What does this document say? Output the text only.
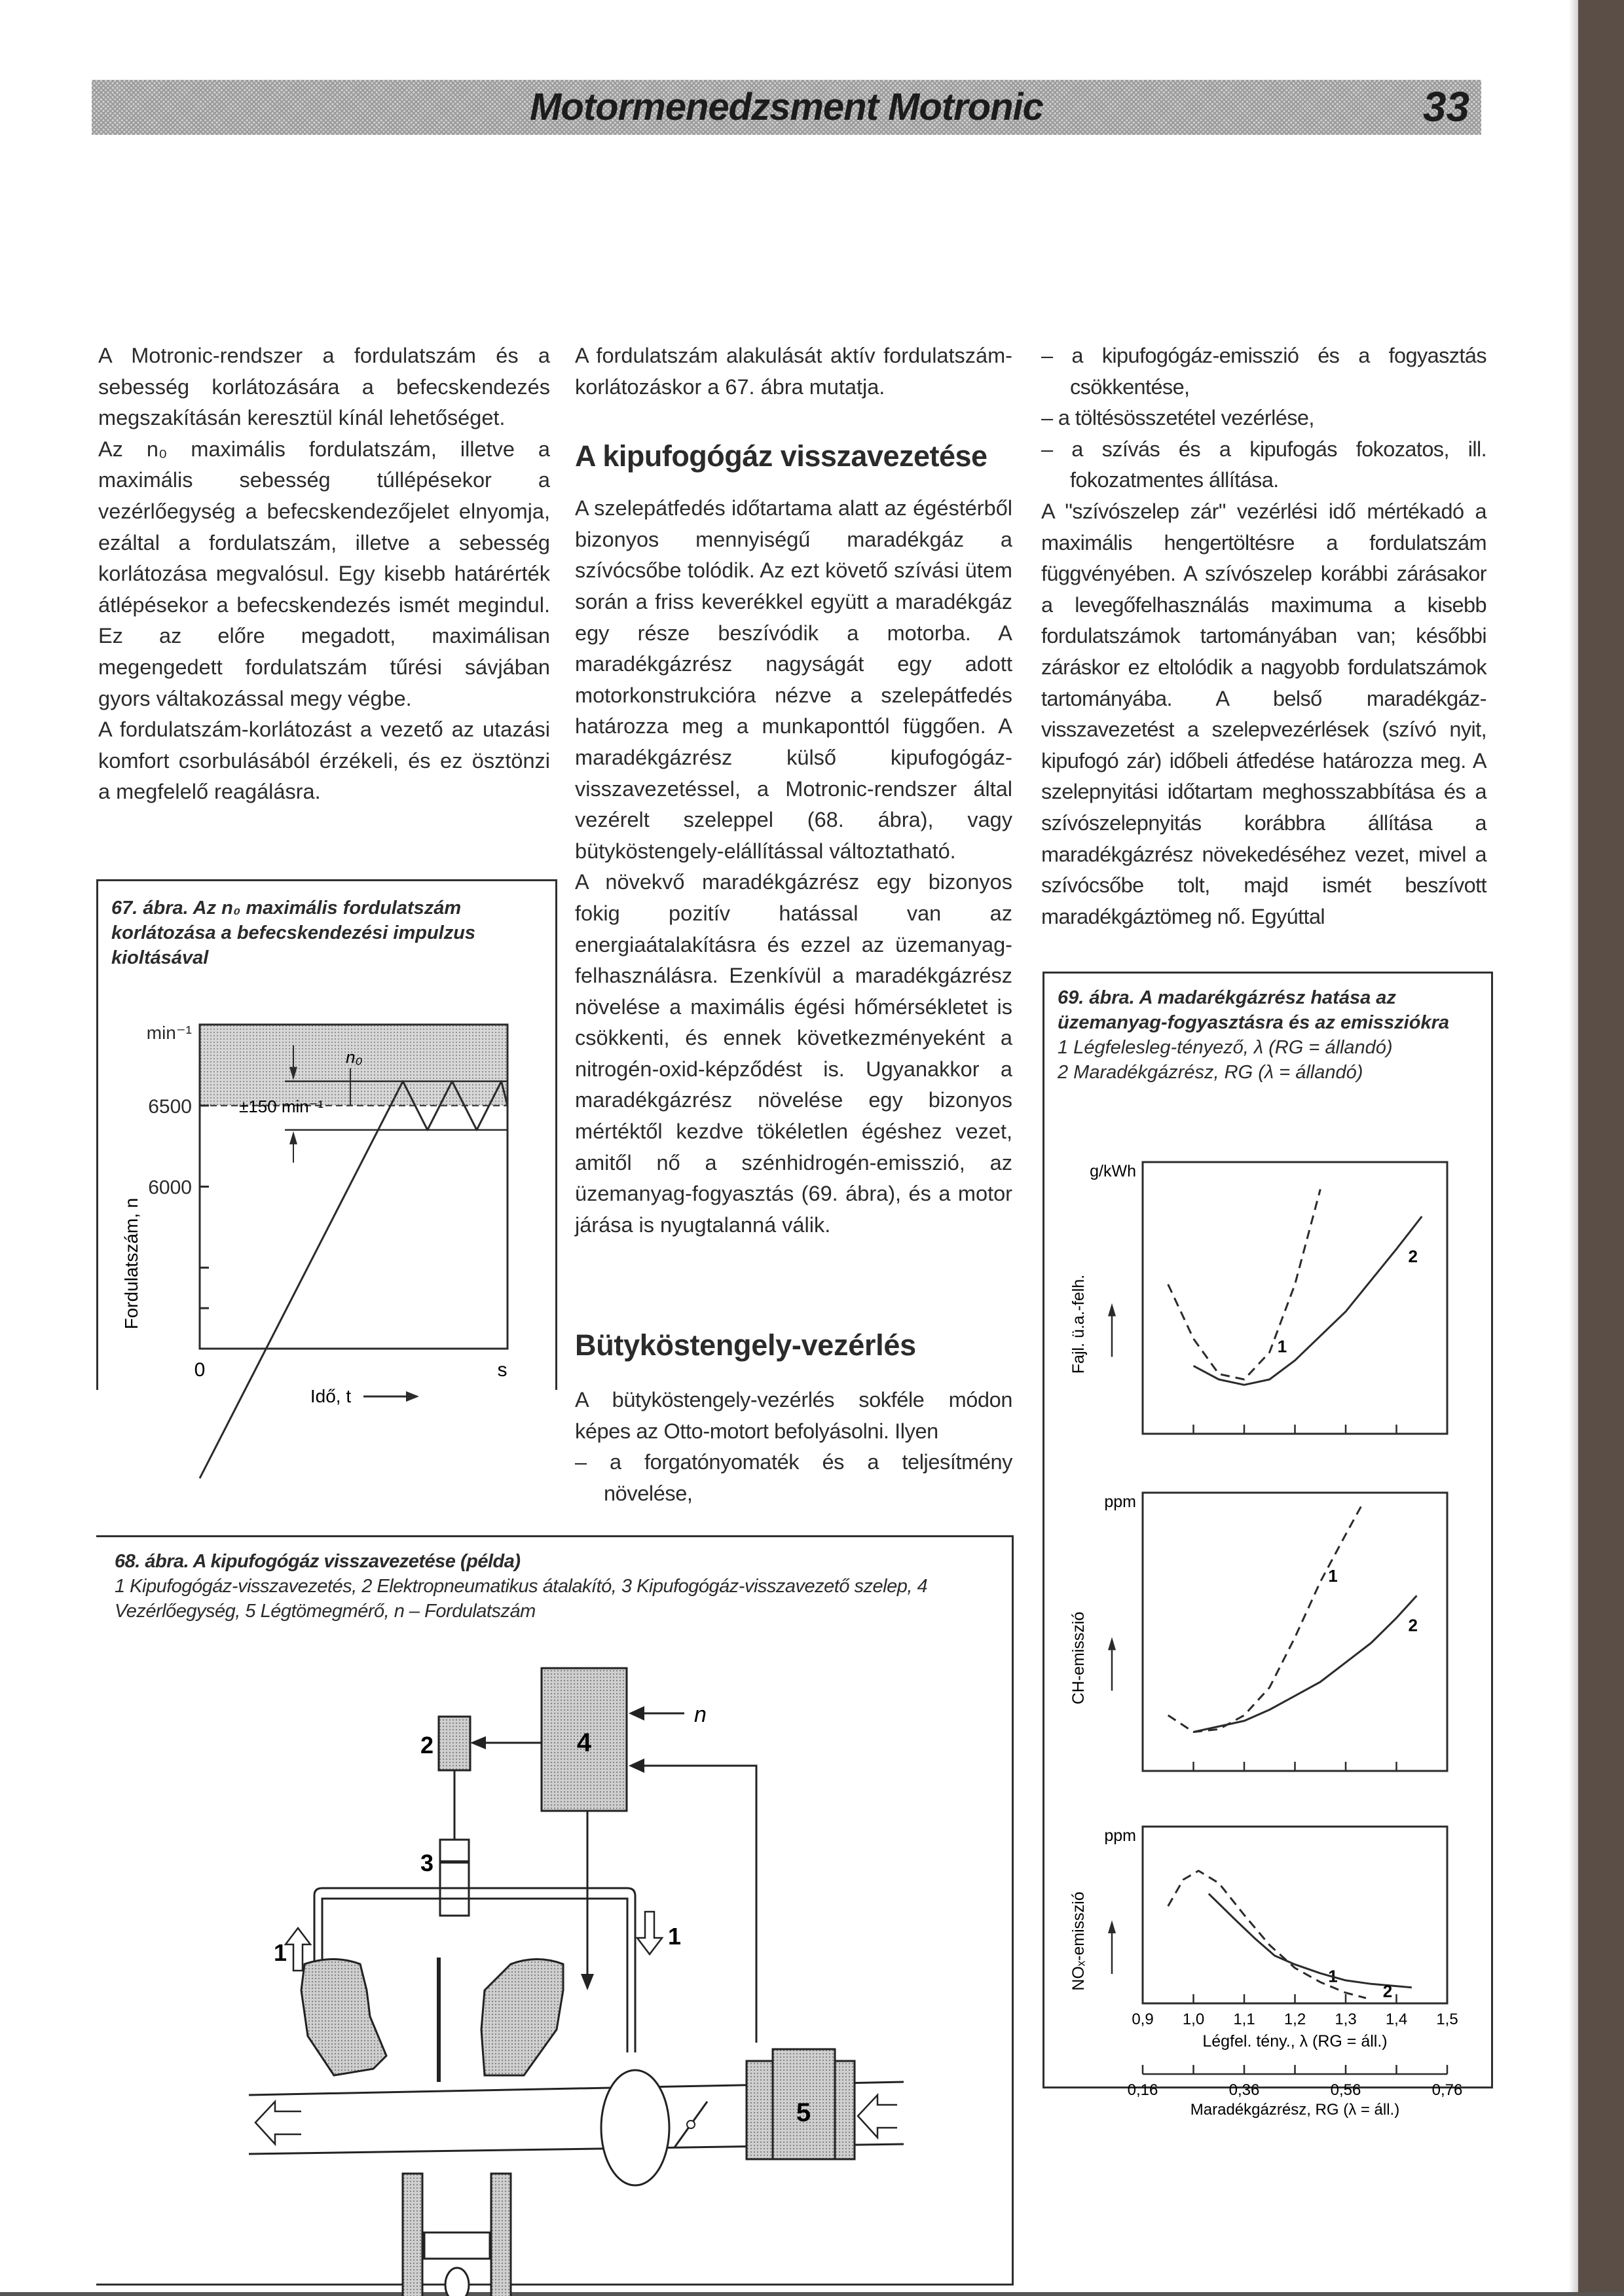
Motormenedzsment Motronic	33

A Motronic-rendszer a fordulatszám és a sebesség korlátozására a befecskendezés megszakításán keresztül kínál lehetőséget.

Az n₀ maximális fordulatszám, illetve a maximális sebesség túllépésekor a vezérlőegység a befecskendezőjelet elnyomja, ezáltal a fordulatszám, illetve a sebesség korlátozása megvalósul. Egy kisebb határérték átlépésekor a befecskendezés ismét megindul. Ez az előre megadott, maximálisan megengedett fordulatszám tűrési sávjában gyors váltakozással megy végbe.

A fordulatszám-korlátozást a vezető az utazási komfort csorbulásából érzékeli, és ez ösztönzi a megfelelő reagálásra.

67. ábra. Az n₀ maximális fordulatszám korlátozása a befecskendezési impulzus kioltásával
6000
6500
min⁻¹
0	s
Idő, t
Fordulatszám, n
n₀
±150 min⁻¹

A fordulatszám alakulását aktív fordulatszám-korlátozáskor a 67. ábra mutatja.

A kipufogógáz visszavezetése

A szelepátfedés időtartama alatt az égéstérből bizonyos mennyiségű maradékgáz a szívócsőbe tolódik. Az ezt követő szívási ütem során a friss keverékkel együtt a maradékgáz egy része beszívódik a motorba. A maradékgázrész nagyságát egy adott motorkonstrukcióra nézve a szelepátfedés határozza meg a munkaponttól függően. A maradékgázrész külső kipufogógáz-visszavezetéssel, a Motronic-rendszer által vezérelt szeleppel (68. ábra), vagy bütyköstengely-elállítással változtatható.

A növekvő maradékgázrész egy bizonyos fokig pozitív hatással van az energiaátalakításra és ezzel az üzemanyag-felhasználásra. Ezenkívül a maradékgázrész növelése a maximális égési hőmérsékletet is csökkenti, és ennek következményeként a nitrogén-oxid-képződést is. Ugyanakkor a maradékgázrész növelése egy bizonyos mértéktől kezdve tökéletlen égéshez vezet, amitől nő a szénhidrogén-emisszió, az üzemanyag-fogyasztás (69. ábra), és a motor járása is nyugtalanná válik.

Bütyköstengely-vezérlés

A bütyköstengely-vezérlés sokféle módon képes az Otto-motort befolyásolni. Ilyen

– a forgatónyomaték és a teljesítmény növelése,

– a kipufogógáz-emisszió és a fogyasztás csökkentése,

– a töltésösszetétel vezérlése,

– a szívás és a kipufogás fokozatos, ill. fokozatmentes állítása.

A "szívószelep zár" vezérlési idő mértékadó a maximális hengertöltésre a fordulatszám függvényében. A szívószelep korábbi zárásakor a levegőfelhasználás maximuma a kisebb fordulatszámok tartományában van; későbbi záráskor ez eltolódik a nagyobb fordulatszámok tartományába. A belső maradékgáz-visszavezetést a szelepvezérlések (szívó nyit, kipufogó zár) időbeli átfedése határozza meg. A szelepnyitási időtartam meghosszabbítása és a szívószelepnyitás korábbra állítása a maradékgázrész növekedéséhez vezet, mivel a szívócsőbe tolt, majd ismét beszívott maradékgáztömeg nő. Egyúttal

68. ábra. A kipufogógáz visszavezetése (példa)
1 Kipufogógáz-visszavezetés, 2 Elektropneumatikus átalakító, 3 Kipufogógáz-visszavezető szelep, 4 Vezérlőegység, 5 Légtömegmérő, n – Fordulatszám
4
2
n
3
1
1
5
69. ábra. A madarékgázrész hatása az üzemanyag-fogyasztásra és az emissziókra
1 Légfelesleg-tényező, λ (RG = állandó)
2 Maradékgázrész, RG (λ = állandó)
g/kWh
Fajl. ü.a.-felh.	1
2
ppm
CH-emisszió
1
2
ppm
NOₓ-emisszió	1
2
0,9 1,0 1,1 1,2 1,3 1,4 1,5
Légfel. tény., λ (RG = áll.)
0,16	0,36	0,56	0,76
Maradékgázrész, RG (λ = áll.)
